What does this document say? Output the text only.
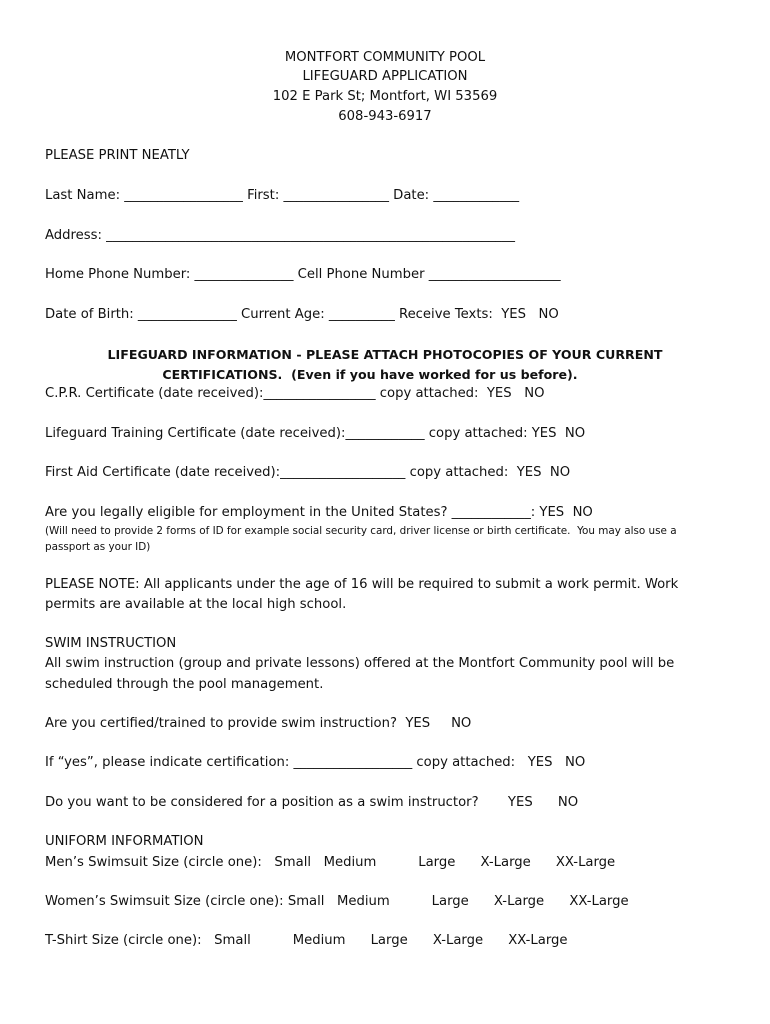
MONTFORT COMMUNITY POOL
LIFEGUARD APPLICATION
102 E Park St; Montfort, WI 53569
608-943-6917
PLEASE PRINT NEATLY
Last Name: __________________ First: ________________ Date: _____________
Address: ______________________________________________________________
Home Phone Number: _______________ Cell Phone Number ____________________
Date of Birth: _______________ Current Age: __________ Receive Texts:  YES   NO
LIFEGUARD INFORMATION - PLEASE ATTACH PHOTOCOPIES OF YOUR CURRENT
CERTIFICATIONS.  (Even if you have worked for us before).
C.P.R. Certificate (date received):_________________ copy attached:  YES   NO
Lifeguard Training Certificate (date received):____________ copy attached: YES  NO
First Aid Certificate (date received):___________________ copy attached:  YES  NO
Are you legally eligible for employment in the United States? ____________: YES  NO
(Will need to provide 2 forms of ID for example social security card, driver license or birth certificate.  You may also use a
passport as your ID)
PLEASE NOTE: All applicants under the age of 16 will be required to submit a work permit. Work
permits are available at the local high school.
SWIM INSTRUCTION
All swim instruction (group and private lessons) offered at the Montfort Community pool will be
scheduled through the pool management.
Are you certified/trained to provide swim instruction?  YES     NO
If “yes”, please indicate certification: __________________ copy attached:   YES   NO
Do you want to be considered for a position as a swim instructor?       YES      NO
UNIFORM INFORMATION
Men’s Swimsuit Size (circle one):   Small   Medium          Large      X-Large      XX-Large
Women’s Swimsuit Size (circle one): Small   Medium          Large      X-Large      XX-Large
T-Shirt Size (circle one):   Small          Medium      Large      X-Large      XX-Large
